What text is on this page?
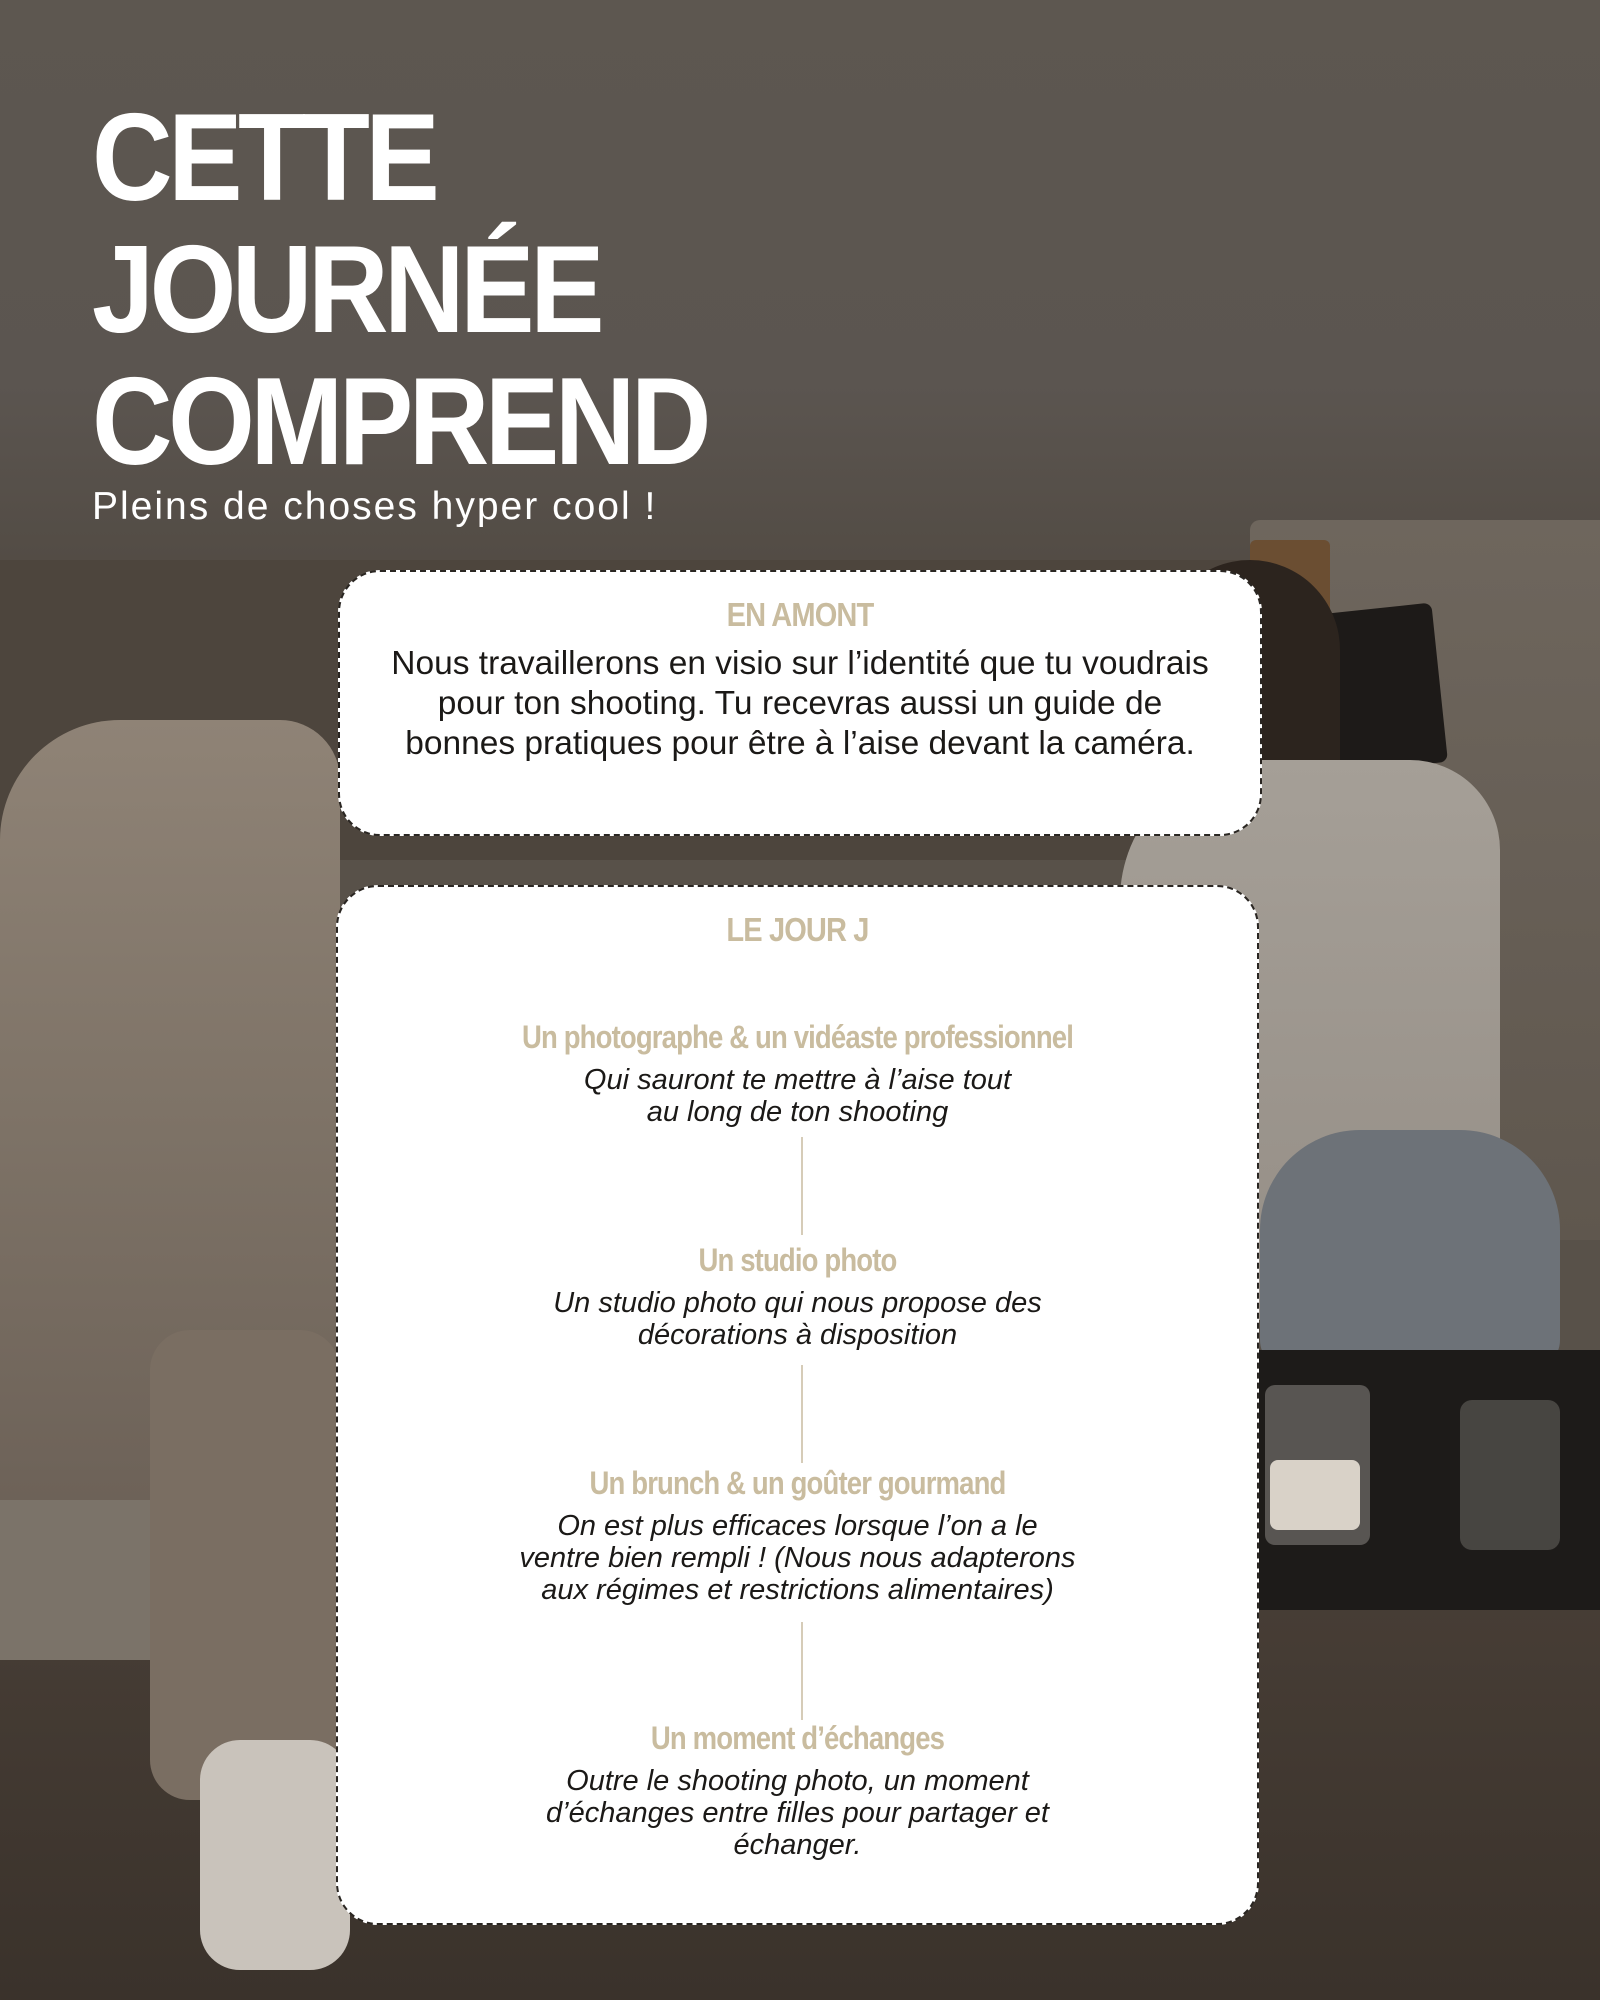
CETTE
JOURNÉE
COMPREND

Pleins de choses hyper cool !

EN AMONT

Nous travaillerons en visio sur l’identité que tu voudrais pour ton shooting. Tu recevras aussi un guide de bonnes pratiques pour être à l’aise devant la caméra.

LE JOUR J

Un photographe & un vidéaste professionnel

Qui sauront te mettre à l’aise tout
au long de ton shooting

Un studio photo

Un studio photo qui nous propose des
décorations à disposition

Un brunch & un goûter gourmand

On est plus efficaces lorsque l’on a le
ventre bien rempli ! (Nous nous adapterons
aux régimes et restrictions alimentaires)

Un moment d’échanges

Outre le shooting photo, un moment
d’échanges entre filles pour partager et
échanger.
